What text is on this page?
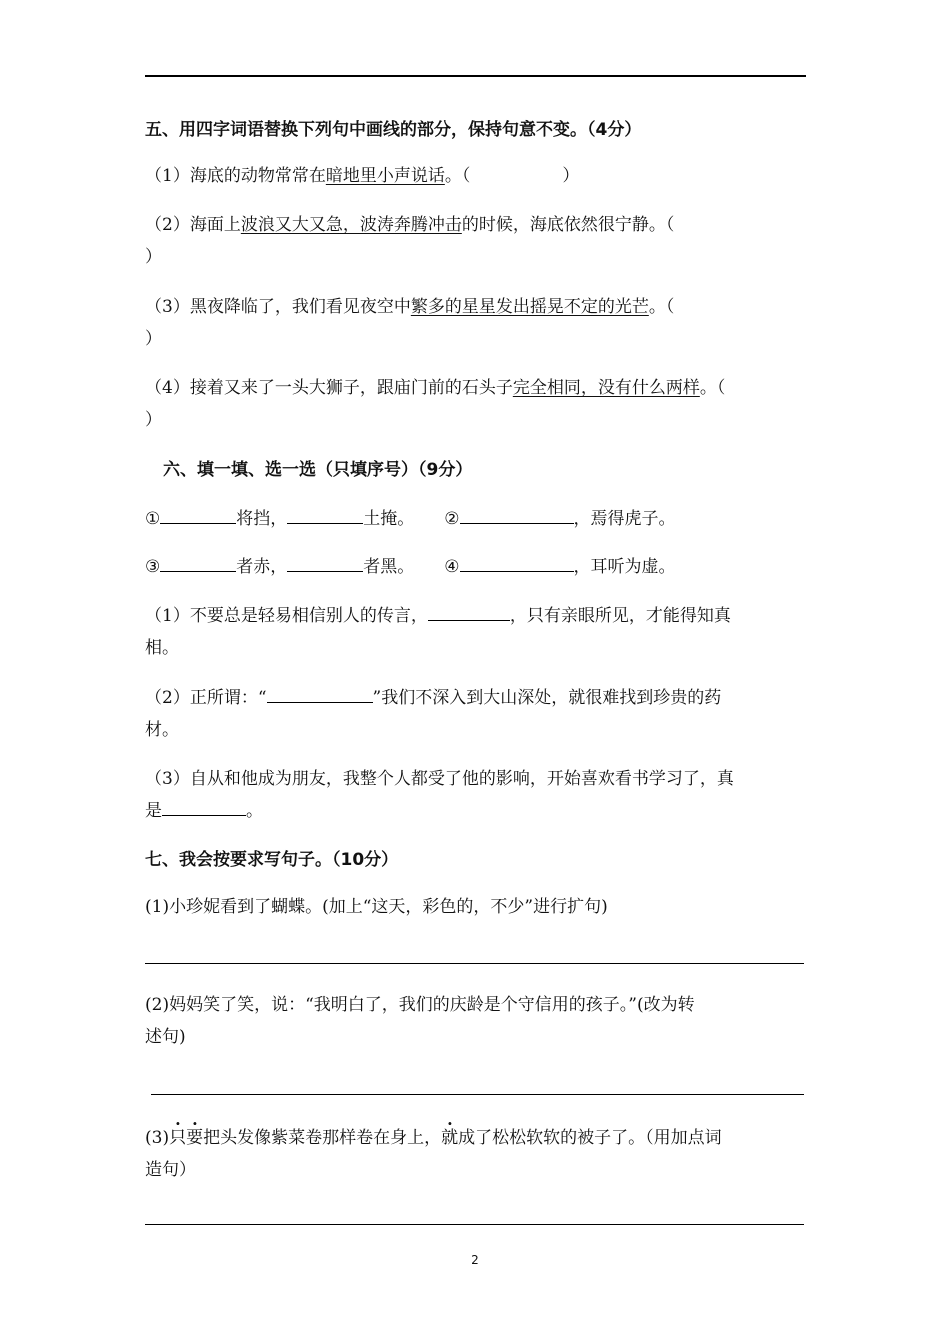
五、用四字词语替换下列句中画线的部分，保持句意不变。（4分）
（1）海底的动物常常在暗地里小声说话。（	）
（2）海面上波浪又大又急，波涛奔腾冲击的时候，海底依然很宁静。（
）
（3）黑夜降临了，我们看见夜空中繁多的星星发出摇晃不定的光芒。（
）
（4）接着又来了一头大狮子，跟庙门前的石头子完全相同，没有什么两样。（
）
六、填一填、选一选（只填序号）（9分）
①	将挡，	土掩。 ②	，焉得虎子。
③	者赤，	者黑。 ④	，耳听为虚。
（1）不要总是轻易相信别人的传言，	，只有亲眼所见，才能得知真
相。
（2）正所谓：“	”我们不深入到大山深处，就很难找到珍贵的药
材。
（3）自从和他成为朋友，我整个人都受了他的影响，开始喜欢看书学习了，真
是	。
七、我会按要求写句子。（10分）
(1)小珍妮看到了蝴蝶。(加上“这天，彩色的，不少”进行扩句)
(2)妈妈笑了笑，说：“我明白了，我们的庆龄是个守信用的孩子。”(改为转
述句)
(3)只要把头发像紫菜卷那样卷在身上，就成了松松软软的被子了。（用加点词
造句）
2
